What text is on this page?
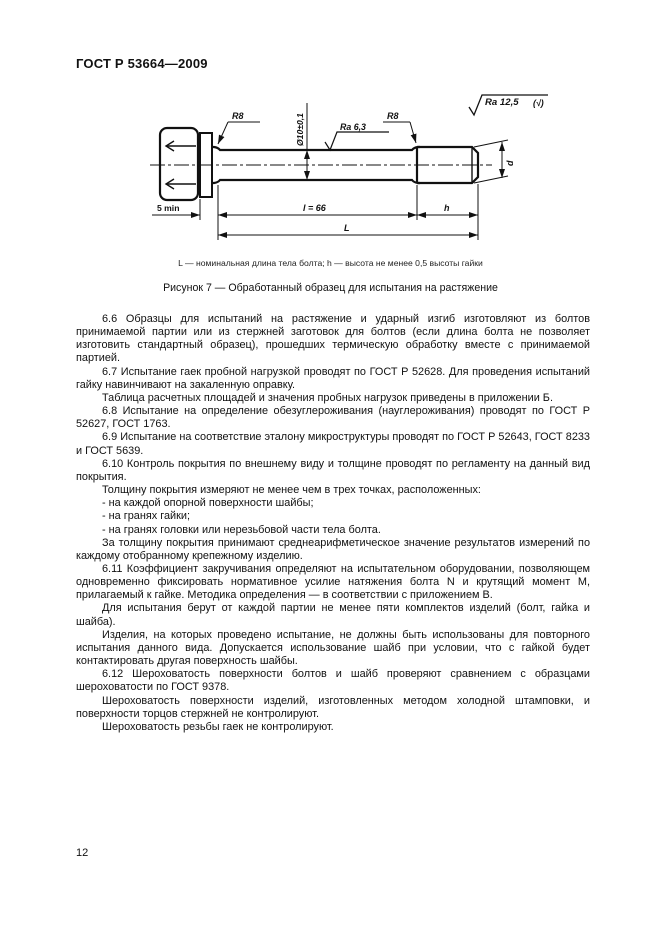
ГОСТ Р 53664—2009
Ø10±0,1	Ra 6,3
Ra 12,5 (√)
R8	R8
5 min	l = 66	h
L
d
L — номинальная длина тела болта; h — высота не менее 0,5 высоты гайки
Рисунок 7 — Обработанный образец для испытания на растяжение

6.6 Образцы для испытаний на растяжение и ударный изгиб изготовляют из болтов принимаемой партии или из стержней заготовок для болтов (если длина болта не позволяет изготовить стандартный образец), прошедших термическую обработку вместе с принимаемой партией.

6.7 Испытание гаек пробной нагрузкой проводят по ГОСТ Р 52628. Для проведения испытаний гайку навинчивают на закаленную оправку.

Таблица расчетных площадей и значения пробных нагрузок приведены в приложении Б.

6.8 Испытание на определение обезуглероживания (науглероживания) проводят по ГОСТ Р 52627, ГОСТ 1763.

6.9 Испытание на соответствие эталону микроструктуры проводят по ГОСТ Р 52643, ГОСТ 8233 и ГОСТ 5639.

6.10 Контроль покрытия по внешнему виду и толщине проводят по регламенту на данный вид покрытия.

Толщину покрытия измеряют не менее чем в трех точках, расположенных:

- на каждой опорной поверхности шайбы;

- на гранях гайки;

- на гранях головки или нерезьбовой части тела болта.

За толщину покрытия принимают среднеарифметическое значение результатов измерений по каждому отобранному крепежному изделию.

6.11 Коэффициент закручивания определяют на испытательном оборудовании, позволяющем одновременно фиксировать нормативное усилие натяжения болта N и крутящий момент M, прилагаемый к гайке. Методика определения — в соответствии с приложением В.

Для испытания берут от каждой партии не менее пяти комплектов изделий (болт, гайка и шайба).

Изделия, на которых проведено испытание, не должны быть использованы для повторного испытания данного вида. Допускается использование шайб при условии, что с гайкой будет контактировать другая поверхность шайбы.

6.12 Шероховатость поверхности болтов и шайб проверяют сравнением с образцами шероховатости по ГОСТ 9378.

Шероховатость поверхности изделий, изготовленных методом холодной штамповки, и поверхности торцов стержней не контролируют.

Шероховатость резьбы гаек не контролируют.

12
